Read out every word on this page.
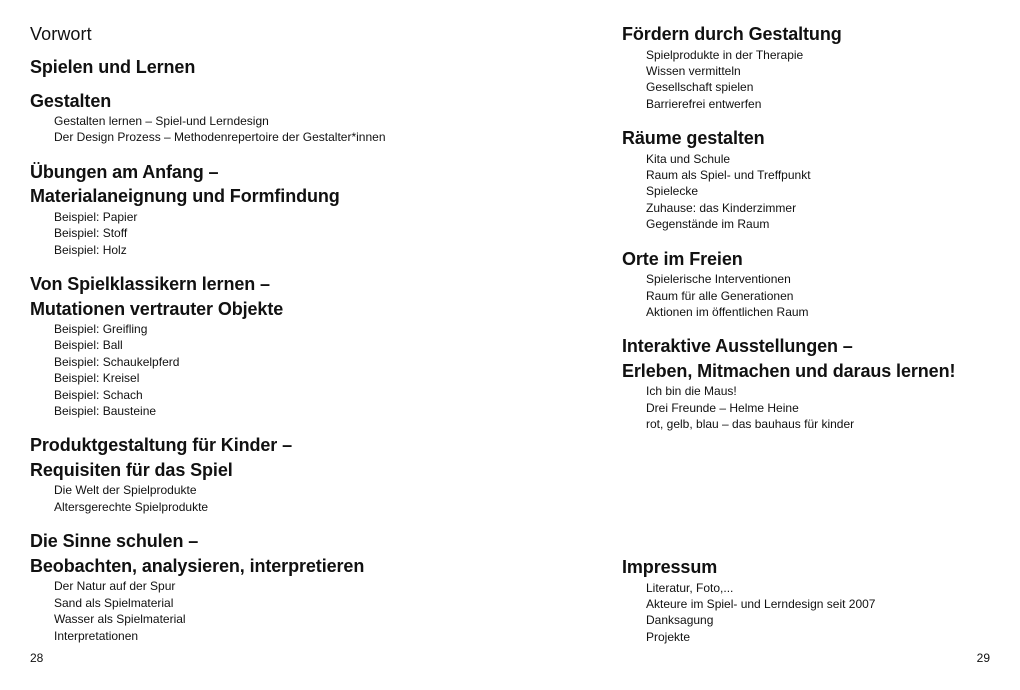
Vorwort
Spielen und Lernen
Gestalten
Gestalten lernen – Spiel-und Lerndesign
Der Design Prozess – Methodenrepertoire der Gestalter*innen
Übungen am Anfang –
Materialaneignung und Formfindung
Beispiel: Papier
Beispiel: Stoff
Beispiel: Holz
Von Spielklassikern lernen –
Mutationen vertrauter Objekte
Beispiel: Greifling
Beispiel: Ball
Beispiel: Schaukelpferd
Beispiel: Kreisel
Beispiel: Schach
Beispiel: Bausteine
Produktgestaltung für Kinder –
Requisiten für das Spiel
Die Welt der Spielprodukte
Altersgerechte Spielprodukte
Die Sinne schulen –
Beobachten, analysieren, interpretieren
Der Natur auf der Spur
Sand als Spielmaterial
Wasser als Spielmaterial
Interpretationen
28
Fördern durch Gestaltung
Spielprodukte in der Therapie
Wissen vermitteln
Gesellschaft spielen
Barrierefrei entwerfen
Räume gestalten
Kita und Schule
Raum als Spiel- und Treffpunkt
Spielecke
Zuhause: das Kinderzimmer
Gegenstände im Raum
Orte im Freien
Spielerische Interventionen
Raum für alle Generationen
Aktionen im öffentlichen Raum
Interaktive Ausstellungen –
Erleben, Mitmachen und daraus lernen!
Ich bin die Maus!
Drei Freunde – Helme Heine
rot, gelb, blau – das bauhaus für kinder
Impressum
Literatur, Foto,...
Akteure im Spiel- und Lerndesign seit 2007
Danksagung
Projekte
29
